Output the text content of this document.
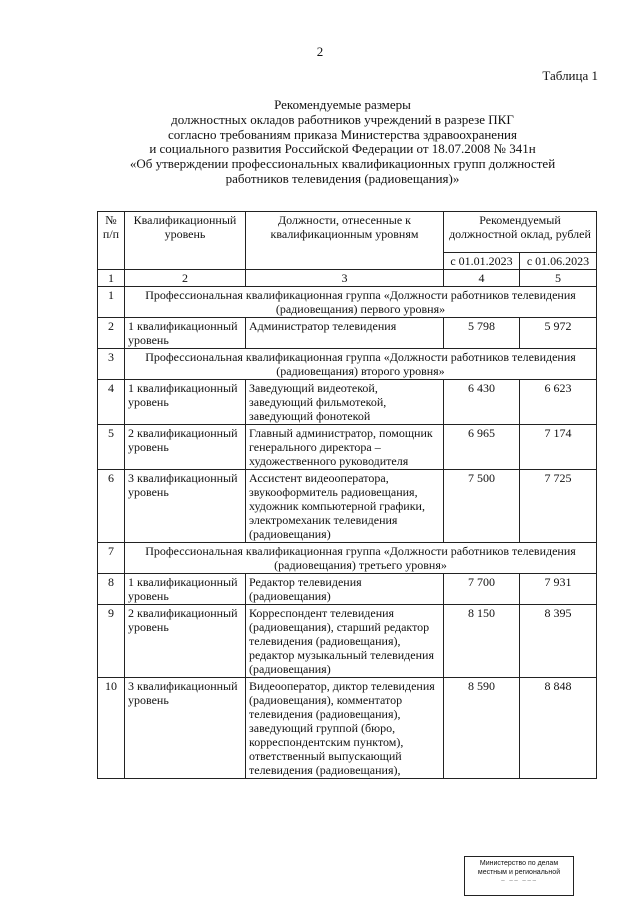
2
Таблица 1
Рекомендуемые размеры
должностных окладов работников учреждений в разрезе ПКГ
согласно требованиям приказа Министерства здравоохранения
и социального развития Российской Федерации от 18.07.2008 № 341н
«Об утверждении профессиональных квалификационных групп должностей
работников телевидения (радиовещания)»
№ п/п	Квалификационный уровень	Должности, отнесенные к квалификационным уровням	Рекомендуемый должностной оклад, рублей	
			с 01.01.2023	с 01.06.2023
1	2	3	4	5
1	Профессиональная квалификационная группа «Должности работников телевидения (радиовещания) первого уровня»			
2	1 квалификационный уровень	Администратор телевидения	5 798	5 972
3	Профессиональная квалификационная группа «Должности работников телевидения (радиовещания) второго уровня»			
4	1 квалификационный уровень	Заведующий видеотекой, заведующий фильмотекой, заведующий фонотекой	6 430	6 623
5	2 квалификационный уровень	Главный администратор, помощник генерального директора – художественного руководителя	6 965	7 174
6	3 квалификационный уровень	Ассистент видеооператора, звукооформитель радиовещания, художник компьютерной графики, электромеханик телевидения (радиовещания)	7 500	7 725
7	Профессиональная квалификационная группа «Должности работников телевидения (радиовещания) третьего уровня»			
8	1 квалификационный уровень	Редактор телевидения (радиовещания)	7 700	7 931
9	2 квалификационный уровень	Корреспондент телевидения (радиовещания), старший редактор телевидения (радиовещания), редактор музыкальный телевидения (радиовещания)	8 150	8 395
10	3 квалификационный уровень	Видеооператор, диктор телевидения (радиовещания), комментатор телевидения (радиовещания), заведующий группой (бюро, корреспондентским пунктом), ответственный выпускающий телевидения (радиовещания),	8 590	8 848
Министерство по делам
местным и региональной
~ ~~ ~~~
